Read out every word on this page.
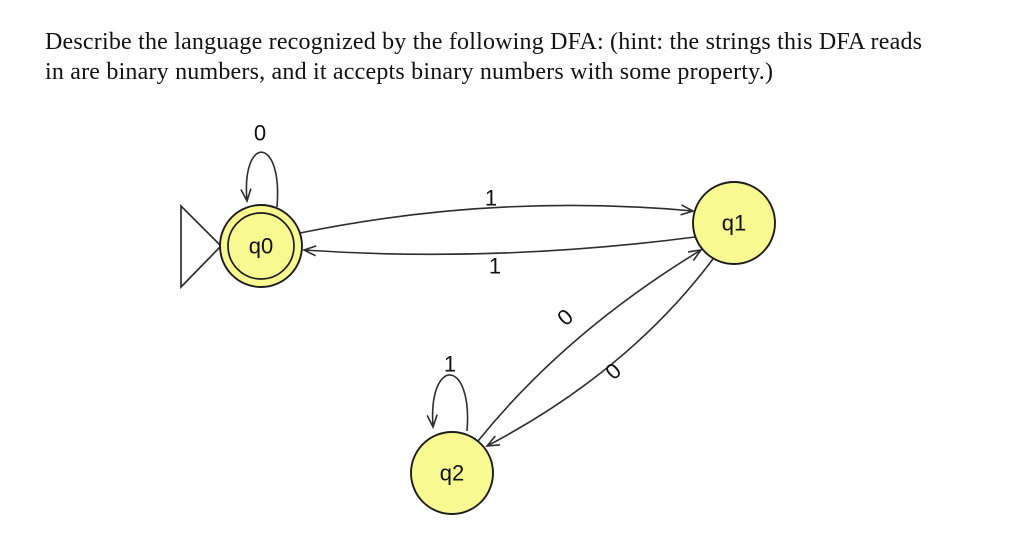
Describe the language recognized by the following DFA: (hint: the strings this DFA reads
in are binary numbers, and it accepts binary numbers with some property.)
0
1
1
0
0
1
q0
q1
q2
